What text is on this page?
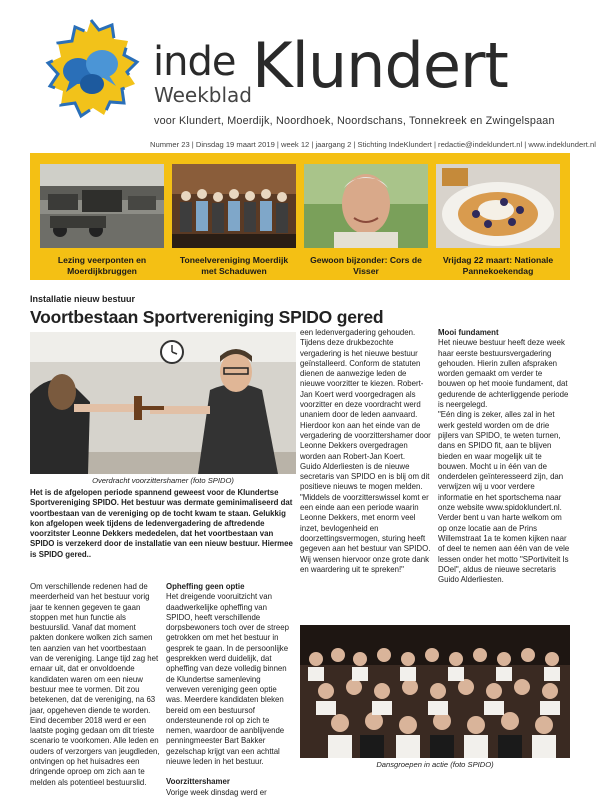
inde Klundert
Weekblad
voor Klundert, Moerdijk, Noordhoek, Noordschans, Tonnekreek en Zwingelspaan
Nummer 23 | Dinsdag 19 maart 2019 | week 12 | jaargang 2 | Stichting IndeKlundert | redactie@indeklundert.nl | www.indeklundert.nl
Lezing veerponten en Moerdijkbruggen
Toneelvereniging Moerdijk met Schaduwen
Gewoon bijzonder: Cors de Visser
Vrijdag 22 maart: Nationale Pannekoekendag
Installatie nieuw bestuur
Voortbestaan Sportvereniging SPIDO gered
Overdracht voorzittershamer (foto SPIDO)
Het is de afgelopen periode spannend geweest voor de Klundertse Sportvereniging SPIDO. Het bestuur was dermate geminimaliseerd dat voortbestaan van de vereniging op de tocht kwam te staan. Gelukkig kon afgelopen week tijdens de ledenvergadering de aftredende voorzitster Leonne Dekkers mededelen, dat het voortbestaan van SPIDO is verzekerd door de installatie van een nieuw bestuur. Hiermee is SPIDO gered..

Om verschillende redenen had de meerderheid van het bestuur vorig jaar te kennen gegeven te gaan stoppen met hun functie als bestuurslid. Vanaf dat moment pakten donkere wolken zich samen ten aanzien van het voortbestaan van de vereniging. Lange tijd zag het ernaar uit, dat er onvoldoende kandidaten waren om een nieuw bestuur mee te vormen. Dit zou betekenen, dat de vereniging, na 63 jaar, opgeheven diende te worden. Eind december 2018 werd er een laatste poging gedaan om dit trieste scenario te voorkomen. Alle leden en ouders of verzorgers van jeugdleden, ontvingen op het huisadres een dringende oproep om zich aan te melden als potentieel bestuurslid.

Opheffing geen optie

Het dreigende vooruitzicht van daadwerkelijke opheffing van SPIDO, heeft verschillende dorpsbewoners toch over de streep getrokken om met het bestuur in gesprek te gaan. In de persoonlijke gesprekken werd duidelijk, dat opheffing van deze volledig binnen de Klundertse samenleving verweven vereniging geen optie was. Meerdere kandidaten bleken bereid om een bestuursof ondersteunende rol op zich te nemen, waardoor de aanblijvende penningmeester Bart Bakker gezelschap krijgt van een achttal nieuwe leden in het bestuur.

Voorzittershamer

Vorige week dinsdag werd er

een ledenvergadering gehouden. Tijdens deze drukbezochte vergadering is het nieuwe bestuur geïnstalleerd. Conform de statuten dienen de aanwezige leden de nieuwe voorzitter te kiezen. Robert-Jan Koert werd voorgedragen als voorzitter en deze voordracht werd unaniem door de leden aanvaard. Hierdoor kon aan het einde van de vergadering de voorzittershamer door Leonne Dekkers overgedragen worden aan Robert-Jan Koert.

Guido Alderliesten is de nieuwe secretaris van SPIDO en is blij om dit positieve nieuws te mogen melden.

"Middels de voorzitterswissel komt er een einde aan een periode waarin Leonne Dekkers, met enorm veel inzet, bevlogenheid en doorzettingsvermogen, sturing heeft gegeven aan het bestuur van SPIDO. Wij wensen hiervoor onze grote dank en waardering uit te spreken!"

Mooi fundament

Het nieuwe bestuur heeft deze week haar eerste bestuursvergadering gehouden. Hierin zullen afspraken worden gemaakt om verder te bouwen op het mooie fundament, dat gedurende de achterliggende periode is neergelegd.

"Eén ding is zeker, alles zal in het werk gesteld worden om de drie pijlers van SPIDO, te weten turnen, dans en SPIDO fit, aan te blijven bieden en waar mogelijk uit te bouwen. Mocht u in één van de onderdelen geïnteresseerd zijn, dan verwijzen wij u voor verdere informatie en het sportschema naar onze website www.spidoklundert.nl. Verder bent u van harte welkom om op onze locatie aan de Prins Willemstraat 1a te komen kijken naar of deel te nemen aan één van de vele lessen onder het motto "SPortiviteit Is DOel", aldus de nieuwe secretaris Guido Alderliesten.

Dansgroepen in actie (foto SPIDO)
